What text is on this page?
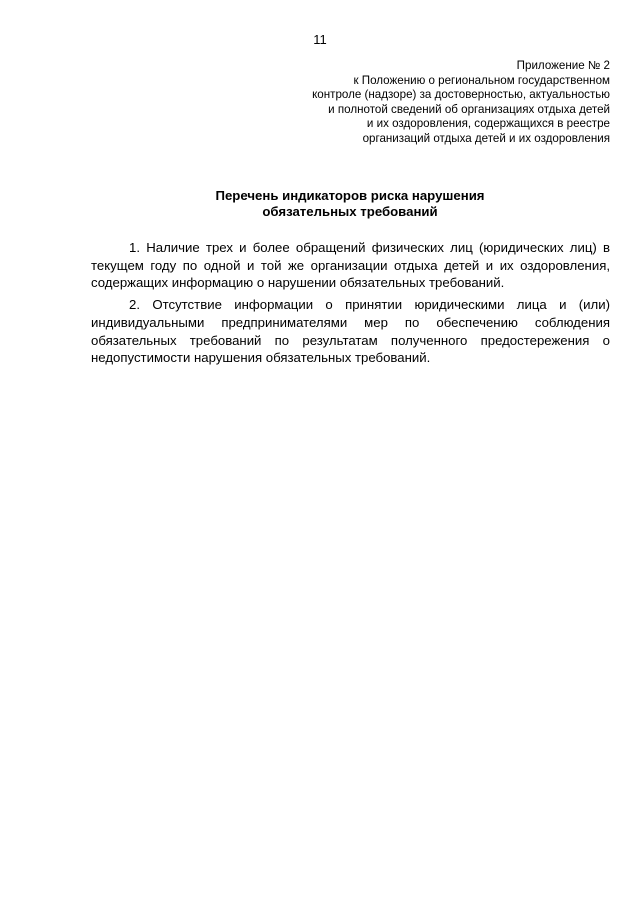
11
Приложение № 2
к Положению о региональном государственном
контроле (надзоре) за достоверностью, актуальностью
и полнотой сведений об организациях отдыха детей
и их оздоровления, содержащихся в реестре
организаций отдыха детей и их оздоровления
Перечень индикаторов риска нарушения
обязательных требований

1. Наличие трех и более обращений физических лиц (юридических лиц) в текущем году по одной и той же организации отдыха детей и их оздоровления, содержащих информацию о нарушении обязательных требований.

2. Отсутствие информации о принятии юридическими лица и (или) индивидуальными предпринимателями мер по обеспечению соблюдения обязательных требований по результатам полученного предостережения о недопустимости нарушения обязательных требований.
